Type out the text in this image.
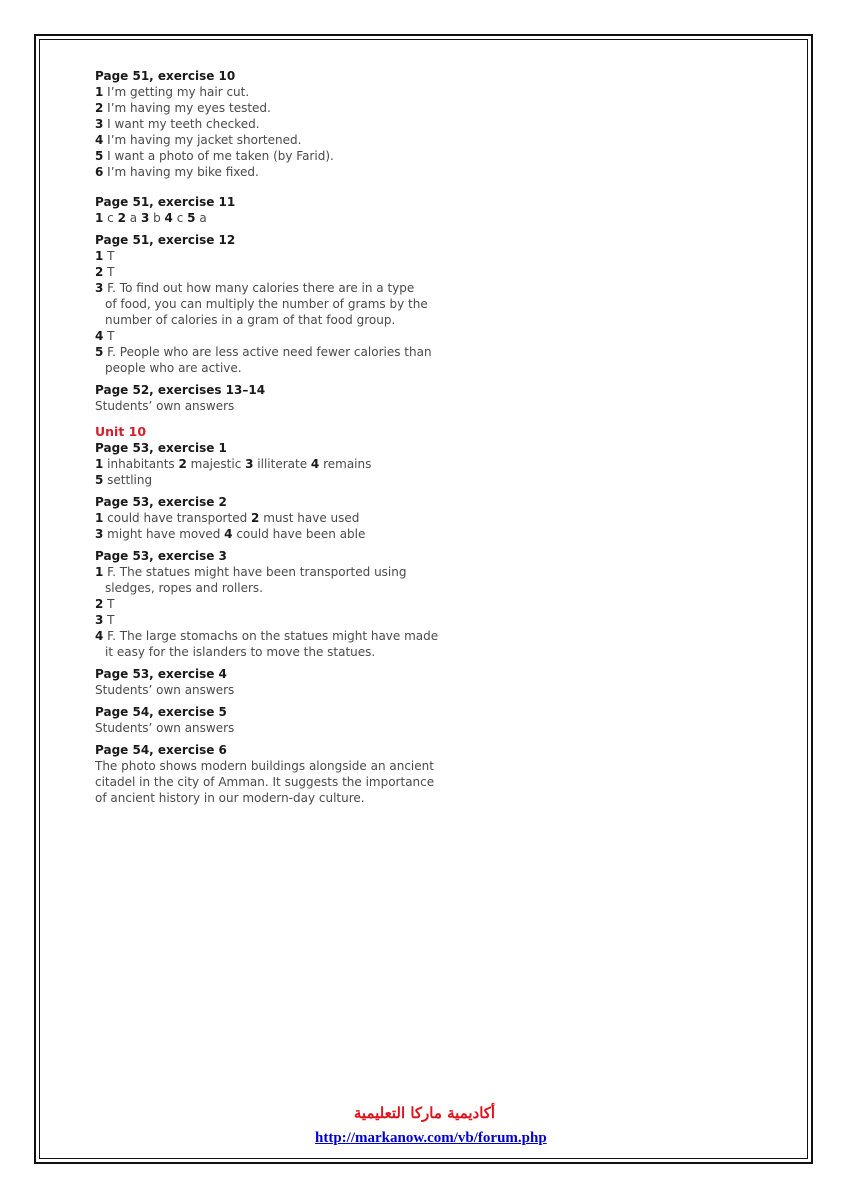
Page 51, exercise 10
1 I’m getting my hair cut.
2 I’m having my eyes tested.
3 I want my teeth checked.
4 I’m having my jacket shortened.
5 I want a photo of me taken (by Farid).
6 I’m having my bike fixed.
Page 51, exercise 11
1 c 2 a 3 b 4 c 5 a
Page 51, exercise 12
1 T
2 T
3 F. To find out how many calories there are in a type
of food, you can multiply the number of grams by the
number of calories in a gram of that food group.
4 T
5 F. People who are less active need fewer calories than
people who are active.
Page 52, exercises 13–14
Students’ own answers
Unit 10
Page 53, exercise 1
1 inhabitants 2 majestic 3 illiterate 4 remains
5 settling
Page 53, exercise 2
1 could have transported 2 must have used
3 might have moved 4 could have been able
Page 53, exercise 3
1 F. The statues might have been transported using
sledges, ropes and rollers.
2 T
3 T
4 F. The large stomachs on the statues might have made
it easy for the islanders to move the statues.
Page 53, exercise 4
Students’ own answers
Page 54, exercise 5
Students’ own answers
Page 54, exercise 6
The photo shows modern buildings alongside an ancient
citadel in the city of Amman. It suggests the importance
of ancient history in our modern-day culture.
أكاديمية ماركا التعليمية
http://markanow.com/vb/forum.php
